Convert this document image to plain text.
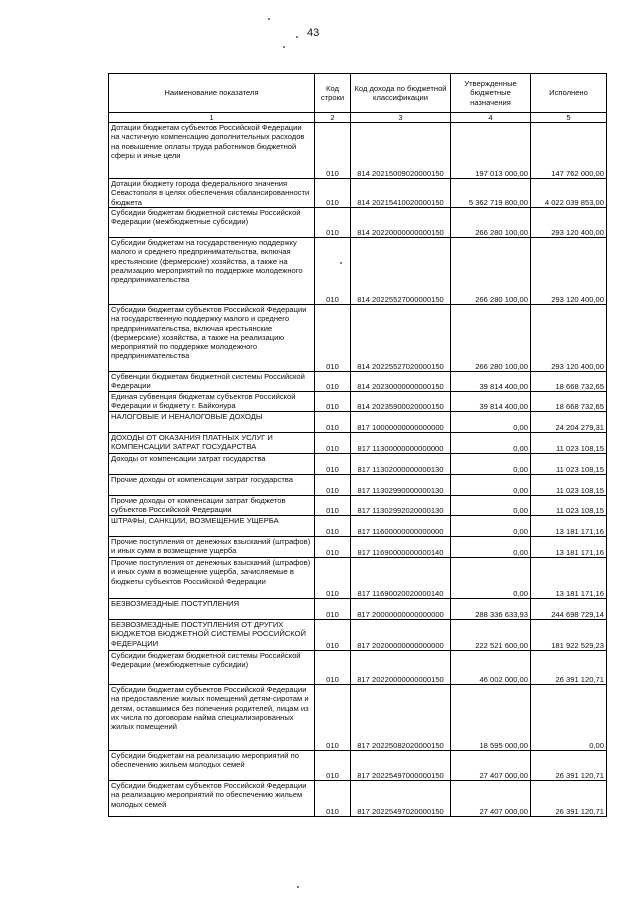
43
Наименование показателя	Код строки	Код дохода по бюджетной классификации	Утвержденные бюджетные назначения	Исполнено
1	2	3	4	5
Дотации бюджетам субъектов Российской Федерации на частичную компенсацию дополнительных расходов на повышение оплаты труда работников бюджетной сферы и иные цели	010	814 20215009020000150	197 013 000,00	147 762 000,00
Дотации бюджету города федерального значения Севастополя в целях обеспечения сбалансированности бюджета	010	814 20215410020000150	5 362 719 800,00	4 022 039 853,00
Субсидии бюджетам бюджетной системы Российской Федерации (межбюджетные субсидии)	010	814 20220000000000150	266 280 100,00	293 120 400,00
Субсидии бюджетам на государственную поддержку малого и среднего предпринимательства, включая крестьянские (фермерские) хозяйства, а также на реализацию мероприятий по поддержке молодежного предпринимательства	010	814 20225527000000150	266 280 100,00	293 120 400,00
Субсидии бюджетам субъектов Российской Федерации на государственную поддержку малого и среднего предпринимательства, включая крестьянские (фермерские) хозяйства, а также на реализацию мероприятий по поддержке молодежного предпринимательства	010	814 20225527020000150	266 280 100,00	293 120 400,00
Субвенции бюджетам бюджетной системы Российской Федерации	010	814 20230000000000150	39 814 400,00	18 668 732,65
Единая субвенция бюджетам субъектов Российской Федерации и бюджету г. Байконура	010	814 20235900020000150	39 814 400,00	18 668 732,65
НАЛОГОВЫЕ И НЕНАЛОГОВЫЕ ДОХОДЫ	010	817 10000000000000000	0,00	24 204 279,31
ДОХОДЫ ОТ ОКАЗАНИЯ ПЛАТНЫХ УСЛУГ И КОМПЕНСАЦИИ ЗАТРАТ ГОСУДАРСТВА	010	817 11300000000000000	0,00	11 023 108,15
Доходы от компенсации затрат государства	010	817 11302000000000130	0,00	11 023 108,15
Прочие доходы от компенсации затрат государства	010	817 11302990000000130	0,00	11 023 108,15
Прочие доходы от компенсации затрат бюджетов субъектов Российской Федерации	010	817 11302992020000130	0,00	11 023 108,15
ШТРАФЫ, САНКЦИИ, ВОЗМЕЩЕНИЕ УЩЕРБА	010	817 11600000000000000	0,00	13 181 171,16
Прочие поступления от денежных взысканий (штрафов) и иных сумм в возмещение ущерба	010	817 11690000000000140	0,00	13 181 171,16
Прочие поступления от денежных взысканий (штрафов) и иных сумм в возмещение ущерба, зачисляемые в бюджеты субъектов Российской Федерации	010	817 11690020020000140	0,00	13 181 171,16
БЕЗВОЗМЕЗДНЫЕ ПОСТУПЛЕНИЯ	010	817 20000000000000000	288 336 633,93	244 698 729,14
БЕЗВОЗМЕЗДНЫЕ ПОСТУПЛЕНИЯ ОТ ДРУГИХ БЮДЖЕТОВ БЮДЖЕТНОЙ СИСТЕМЫ РОССИЙСКОЙ ФЕДЕРАЦИИ	010	817 20200000000000000	222 521 600,00	181 922 529,23
Субсидии бюджетам бюджетной системы Российской Федерации (межбюджетные субсидии)	010	817 20220000000000150	46 002 000,00	26 391 120,71
Субсидии бюджетам субъектов Российской Федерации на предоставление жилых помещений детям-сиротам и детям, оставшимся без попечения родителей, лицам из их числа по договорам найма специализированных жилых помещений	010	817 20225082020000150	18 595 000,00	0,00
Субсидии бюджетам на реализацию мероприятий по обеспечению жильем молодых семей	010	817 20225497000000150	27 407 000,00	26 391 120,71
Субсидии бюджетам субъектов Российской Федерации на реализацию мероприятий по обеспечению жильем молодых семей	010	817 20225497020000150	27 407 000,00	26 391 120,71
